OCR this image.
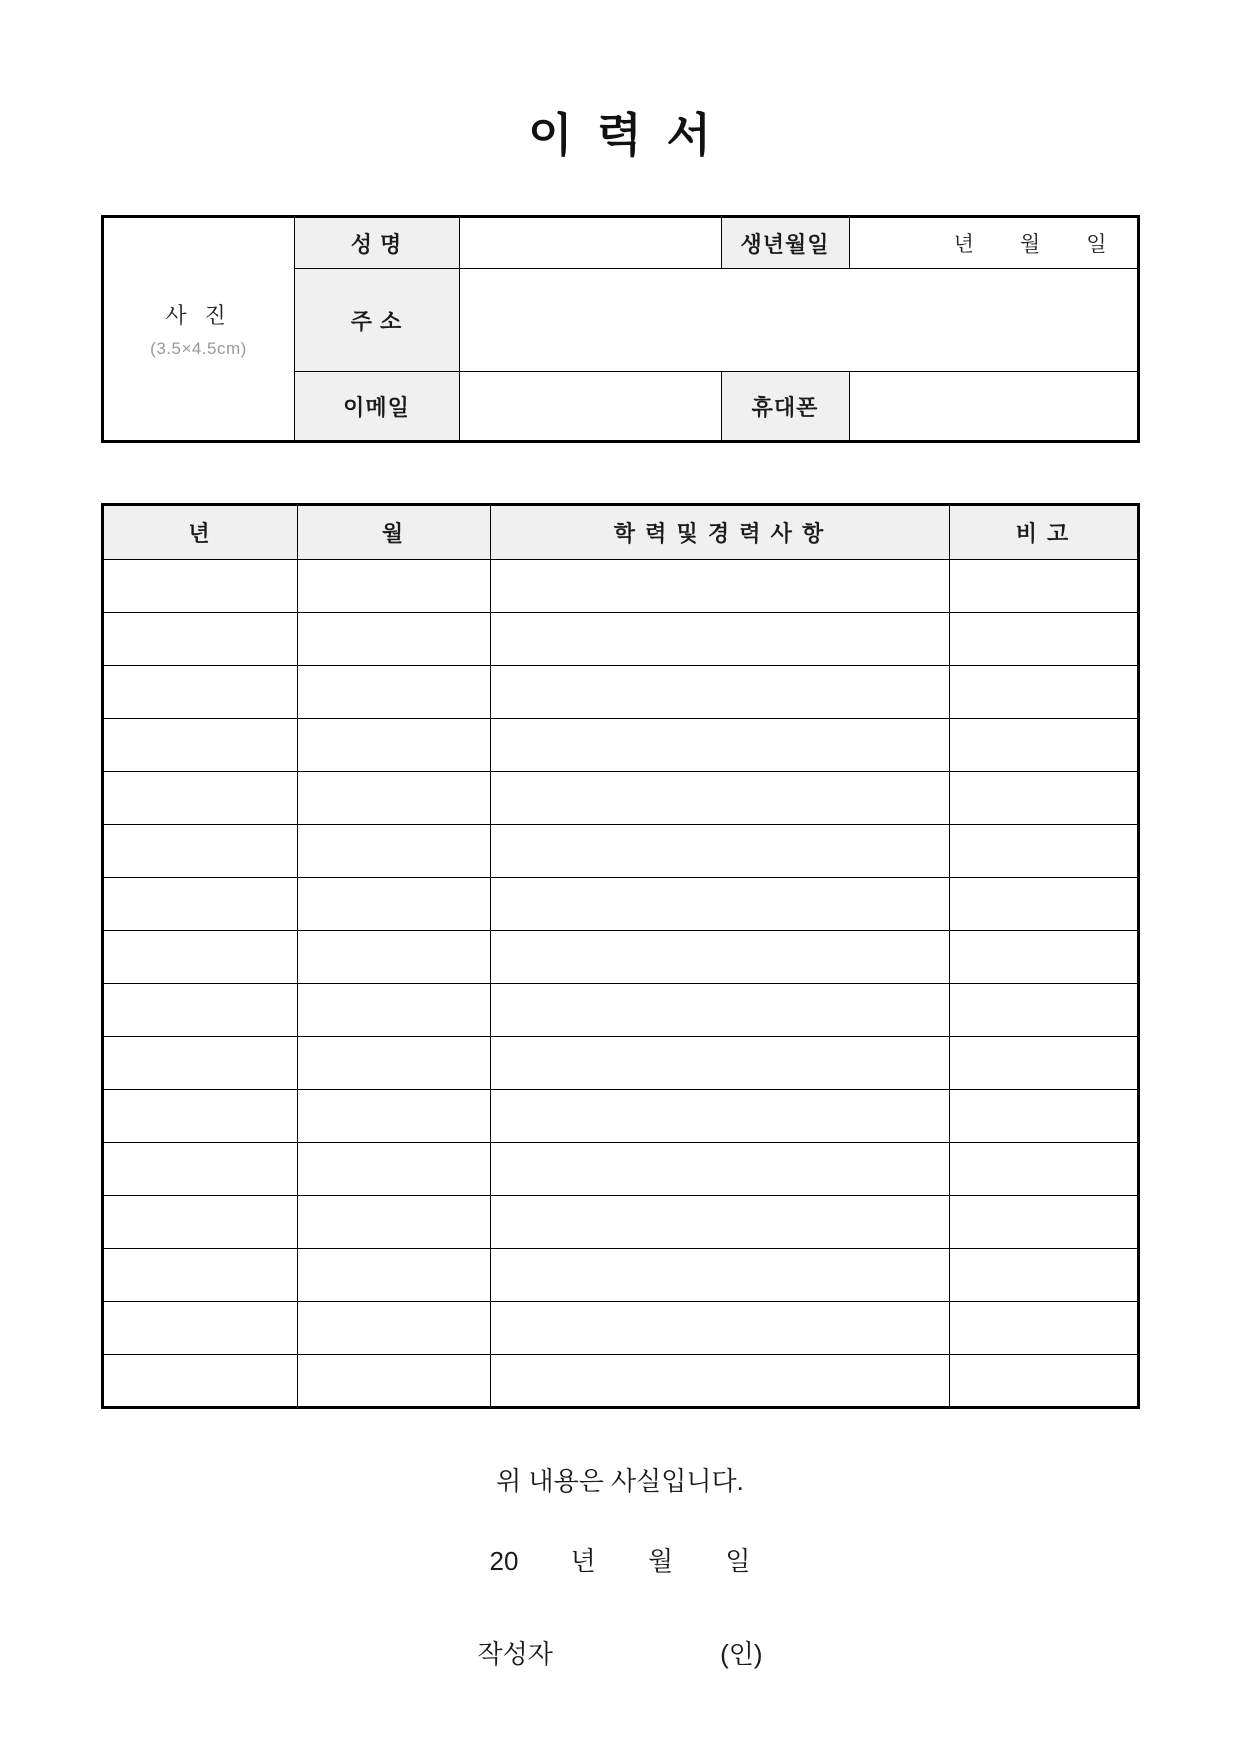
이 력 서
사 진
(3.5×4.5cm)
	성 명		생년월일	년 월 일

	주 소			
	이메일		휴대폰	
년	월	학 력 및 경 력 사 항	비 고

위 내용은 사실입니다.
20 년 월 일
작성자	(인)
